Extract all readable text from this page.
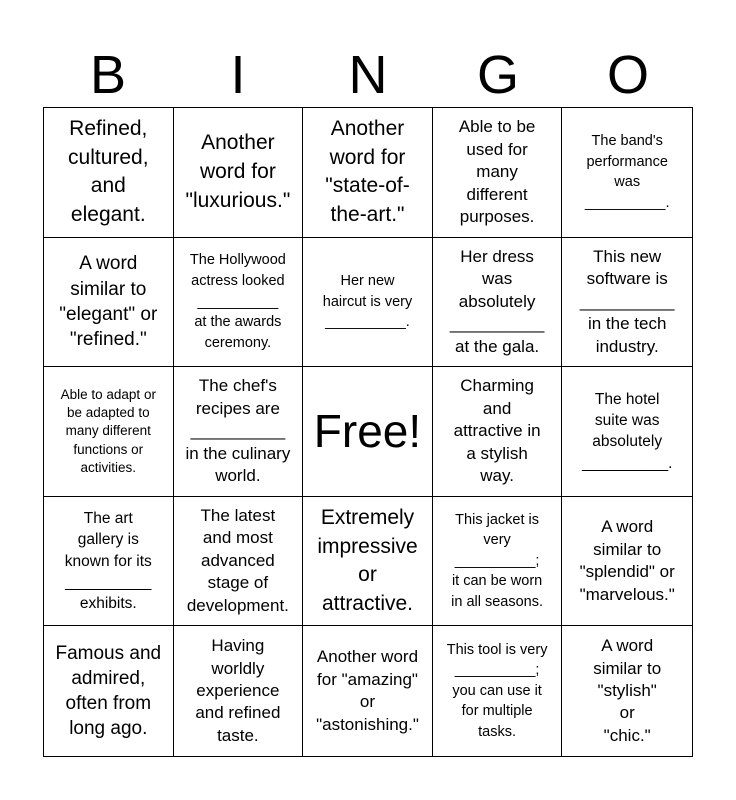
B	I	N	G	O
Refined,
cultured,
and
elegant.
Another
word for
"luxurious."
Another
word for
"state-of-
the-art."
Able to be
used for
many
different
purposes.
The band's
performance
was
__________.
A word
similar to
"elegant" or
"refined."
The Hollywood
actress looked
__________
at the awards
ceremony.
Her new
haircut is very
__________.
Her dress
was
absolutely
__________
at the gala.
This new
software is
__________
in the tech
industry.
Able to adapt or
be adapted to
many different
functions or
activities.
The chef's
recipes are
__________
in the culinary
world.
Free!
Charming
and
attractive in
a stylish
way.
The hotel
suite was
absolutely
__________.
The art
gallery is
known for its
__________
exhibits.
The latest
and most
advanced
stage of
development.
Extremely
impressive
or
attractive.
This jacket is
very
__________;
it can be worn
in all seasons.
A word
similar to
"splendid" or
"marvelous."
Famous and
admired,
often from
long ago.
Having
worldly
experience
and refined
taste.
Another word
for "amazing"
or
"astonishing."
This tool is very
__________;
you can use it
for multiple
tasks.
A word
similar to
"stylish"
or
"chic."
